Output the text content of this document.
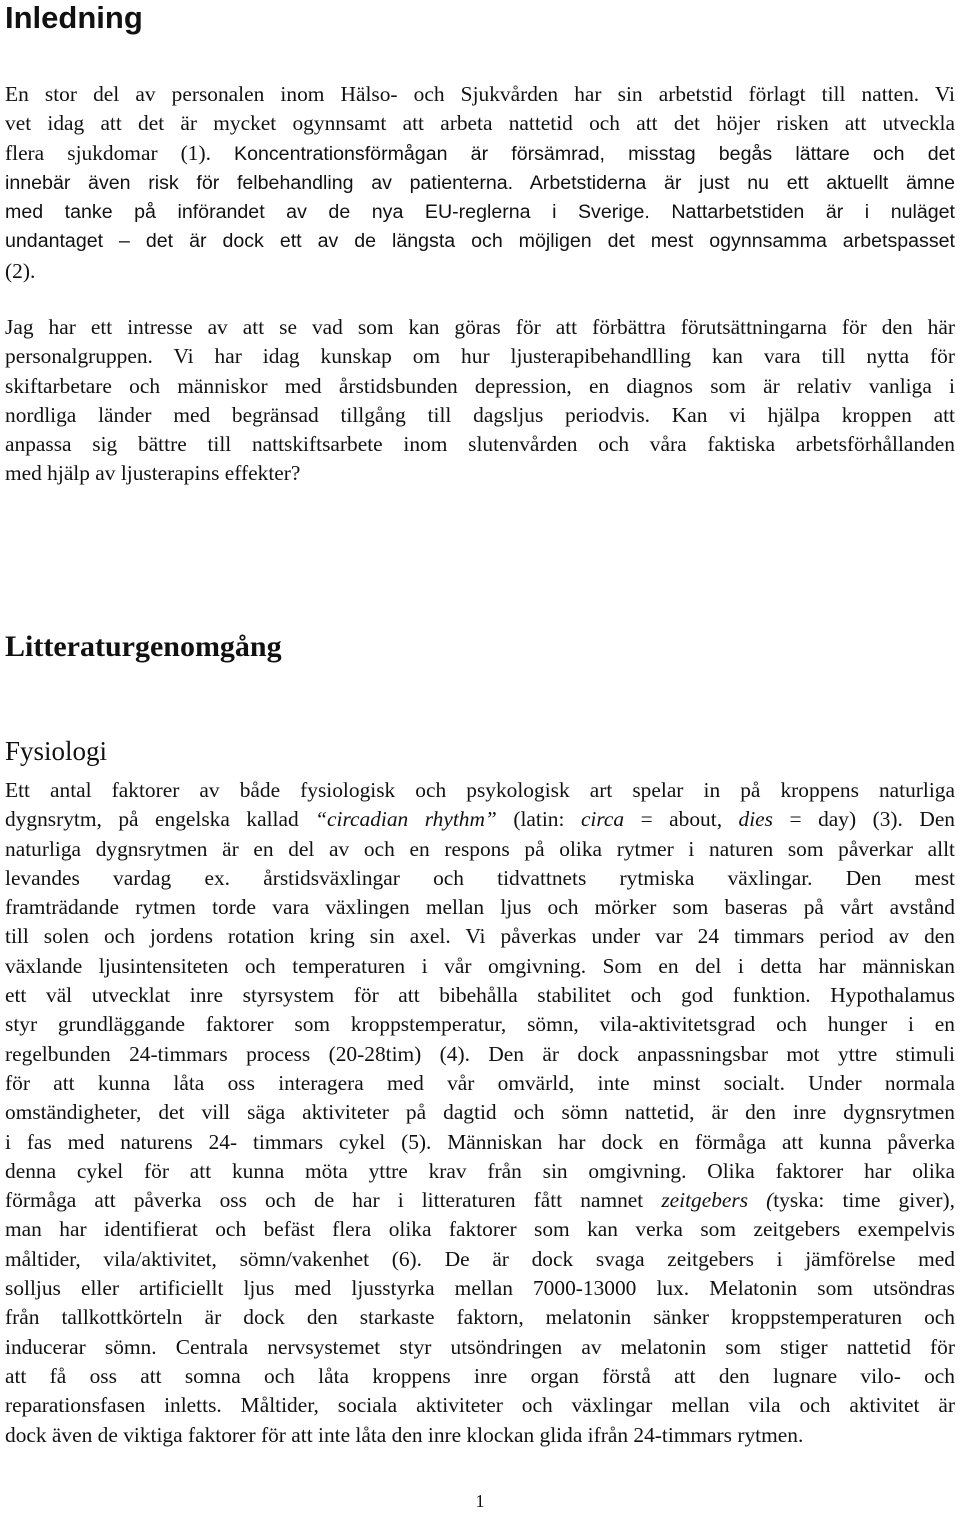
Inledning
En stor del av personalen inom Hälso- och Sjukvården har sin arbetstid förlagt till natten. Vi
vet idag att det är mycket ogynnsamt att arbeta nattetid och att det höjer risken att utveckla
flera sjukdomar (1). Koncentrationsförmågan är försämrad, misstag begås lättare och det
innebär även risk för felbehandling av patienterna. Arbetstiderna är just nu ett aktuellt ämne
med tanke på införandet av de nya EU-reglerna i Sverige. Nattarbetstiden är i nuläget
undantaget – det är dock ett av de längsta och möjligen det mest ogynnsamma arbetspasset
(2).
Jag har ett intresse av att se vad som kan göras för att förbättra förutsättningarna för den här
personalgruppen. Vi har idag kunskap om hur ljusterapibehandlling kan vara till nytta för
skiftarbetare och människor med årstidsbunden depression, en diagnos som är relativ vanliga i
nordliga länder med begränsad tillgång till dagsljus periodvis. Kan vi hjälpa kroppen att
anpassa sig bättre till nattskiftsarbete inom slutenvården och våra faktiska arbetsförhållanden
med hjälp av ljusterapins effekter?
Litteraturgenomgång
Fysiologi
Ett antal faktorer av både fysiologisk och psykologisk art spelar in på kroppens naturliga
dygnsrytm, på engelska kallad “circadian rhythm” (latin: circa = about, dies = day) (3). Den
naturliga dygnsrytmen är en del av och en respons på olika rytmer i naturen som påverkar allt
levandes vardag ex. årstidsväxlingar och tidvattnets rytmiska växlingar. Den mest
framträdande rytmen torde vara växlingen mellan ljus och mörker som baseras på vårt avstånd
till solen och jordens rotation kring sin axel. Vi påverkas under var 24 timmars period av den
växlande ljusintensiteten och temperaturen i vår omgivning. Som en del i detta har människan
ett väl utvecklat inre styrsystem för att bibehålla stabilitet och god funktion. Hypothalamus
styr grundläggande faktorer som kroppstemperatur, sömn, vila-aktivitetsgrad och hunger i en
regelbunden 24-timmars process (20-28tim) (4). Den är dock anpassningsbar mot yttre stimuli
för att kunna låta oss interagera med vår omvärld, inte minst socialt. Under normala
omständigheter, det vill säga aktiviteter på dagtid och sömn nattetid, är den inre dygnsrytmen
i fas med naturens 24- timmars cykel (5). Människan har dock en förmåga att kunna påverka
denna cykel för att kunna möta yttre krav från sin omgivning. Olika faktorer har olika
förmåga att påverka oss och de har i litteraturen fått namnet zeitgebers (tyska: time giver),
man har identifierat och befäst flera olika faktorer som kan verka som zeitgebers exempelvis
måltider, vila/aktivitet, sömn/vakenhet (6). De är dock svaga zeitgebers i jämförelse med
solljus eller artificiellt ljus med ljusstyrka mellan 7000-13000 lux. Melatonin som utsöndras
från tallkottkörteln är dock den starkaste faktorn, melatonin sänker kroppstemperaturen och
inducerar sömn. Centrala nervsystemet styr utsöndringen av melatonin som stiger nattetid för
att få oss att somna och låta kroppens inre organ förstå att den lugnare vilo- och
reparationsfasen inletts. Måltider, sociala aktiviteter och växlingar mellan vila och aktivitet är
dock även de viktiga faktorer för att inte låta den inre klockan glida ifrån 24-timmars rytmen.
1
